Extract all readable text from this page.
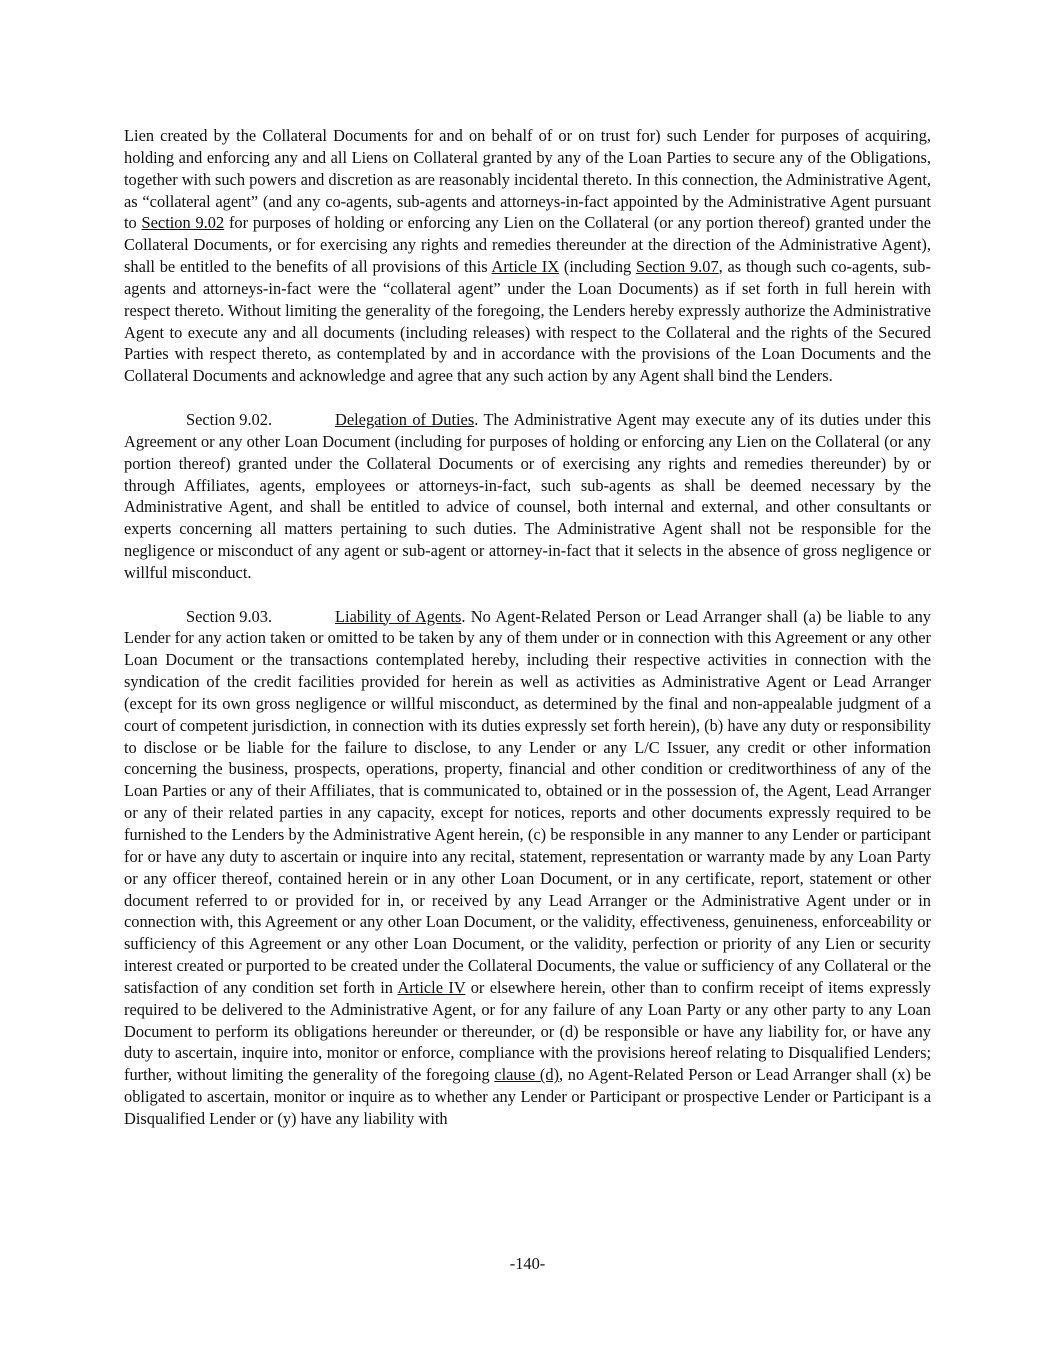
Lien created by the Collateral Documents for and on behalf of or on trust for) such Lender for purposes of acquiring, holding and enforcing any and all Liens on Collateral granted by any of the Loan Parties to secure any of the Obligations, together with such powers and discretion as are reasonably incidental thereto. In this connection, the Administrative Agent, as “collateral agent” (and any co-agents, sub-agents and attorneys-in-fact appointed by the Administrative Agent pursuant to Section 9.02 for purposes of holding or enforcing any Lien on the Collateral (or any portion thereof) granted under the Collateral Documents, or for exercising any rights and remedies thereunder at the direction of the Administrative Agent), shall be entitled to the benefits of all provisions of this Article IX (including Section 9.07, as though such co-agents, sub-agents and attorneys-in-fact were the “collateral agent” under the Loan Documents) as if set forth in full herein with respect thereto. Without limiting the generality of the foregoing, the Lenders hereby expressly authorize the Administrative Agent to execute any and all documents (including releases) with respect to the Collateral and the rights of the Secured Parties with respect thereto, as contemplated by and in accordance with the provisions of the Loan Documents and the Collateral Documents and acknowledge and agree that any such action by any Agent shall bind the Lenders.

Section 9.02.	Delegation of Duties. The Administrative Agent may execute any of its duties under this Agreement or any other Loan Document (including for purposes of holding or enforcing any Lien on the Collateral (or any portion thereof) granted under the Collateral Documents or of exercising any rights and remedies thereunder) by or through Affiliates, agents, employees or attorneys-in-fact, such sub-agents as shall be deemed necessary by the Administrative Agent, and shall be entitled to advice of counsel, both internal and external, and other consultants or experts concerning all matters pertaining to such duties. The Administrative Agent shall not be responsible for the negligence or misconduct of any agent or sub-agent or attorney-in-fact that it selects in the absence of gross negligence or willful misconduct.

Section 9.03.	Liability of Agents. No Agent-Related Person or Lead Arranger shall (a) be liable to any Lender for any action taken or omitted to be taken by any of them under or in connection with this Agreement or any other Loan Document or the transactions contemplated hereby, including their respective activities in connection with the syndication of the credit facilities provided for herein as well as activities as Administrative Agent or Lead Arranger (except for its own gross negligence or willful misconduct, as determined by the final and non-appealable judgment of a court of competent jurisdiction, in connection with its duties expressly set forth herein), (b) have any duty or responsibility to disclose or be liable for the failure to disclose, to any Lender or any L/C Issuer, any credit or other information concerning the business, prospects, operations, property, financial and other condition or creditworthiness of any of the Loan Parties or any of their Affiliates, that is communicated to, obtained or in the possession of, the Agent, Lead Arranger or any of their related parties in any capacity, except for notices, reports and other documents expressly required to be furnished to the Lenders by the Administrative Agent herein, (c) be responsible in any manner to any Lender or participant for or have any duty to ascertain or inquire into any recital, statement, representation or warranty made by any Loan Party or any officer thereof, contained herein or in any other Loan Document, or in any certificate, report, statement or other document referred to or provided for in, or received by any Lead Arranger or the Administrative Agent under or in connection with, this Agreement or any other Loan Document, or the validity, effectiveness, genuineness, enforceability or sufficiency of this Agreement or any other Loan Document, or the validity, perfection or priority of any Lien or security interest created or purported to be created under the Collateral Documents, the value or sufficiency of any Collateral or the satisfaction of any condition set forth in Article IV or elsewhere herein, other than to confirm receipt of items expressly required to be delivered to the Administrative Agent, or for any failure of any Loan Party or any other party to any Loan Document to perform its obligations hereunder or thereunder, or (d) be responsible or have any liability for, or have any duty to ascertain, inquire into, monitor or enforce, compliance with the provisions hereof relating to Disqualified Lenders; further, without limiting the generality of the foregoing clause (d), no Agent-Related Person or Lead Arranger shall (x) be obligated to ascertain, monitor or inquire as to whether any Lender or Participant or prospective Lender or Participant is a Disqualified Lender or (y) have any liability with

-140-
